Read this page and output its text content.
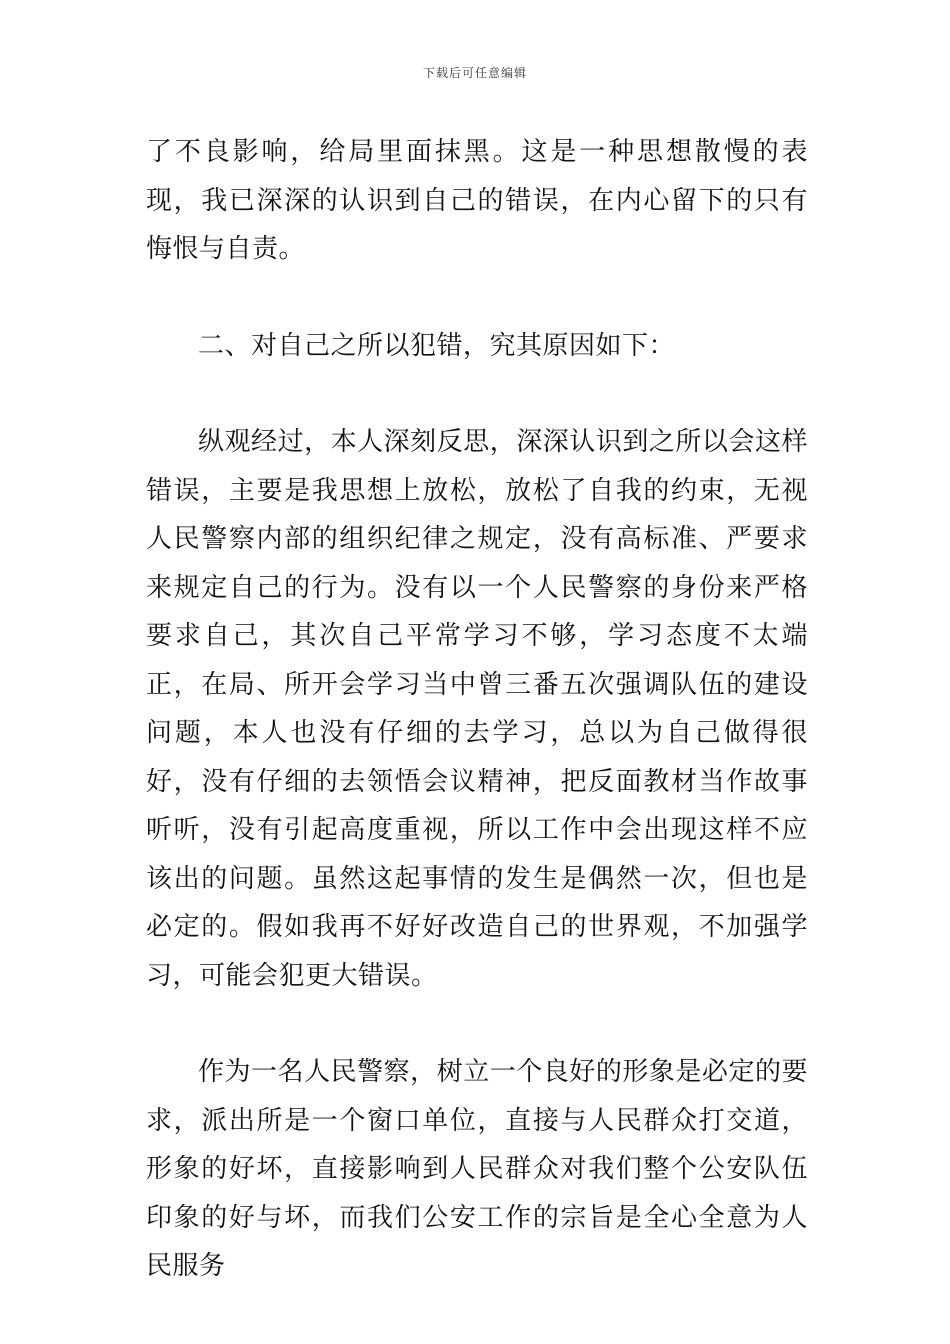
下载后可任意编辑

了不良影响，给局里面抹黑。这是一种思想散慢的表现，我已深深的认识到自己的错误，在内心留下的只有悔恨与自责。

二、对自己之所以犯错，究其原因如下：

纵观经过，本人深刻反思，深深认识到之所以会这样错误，主要是我思想上放松，放松了自我的约束，无视人民警察内部的组织纪律之规定，没有高标准、严要求来规定自己的行为。没有以一个人民警察的身份来严格要求自己，其次自己平常学习不够，学习态度不太端正，在局、所开会学习当中曾三番五次强调队伍的建设问题，本人也没有仔细的去学习，总以为自己做得很好，没有仔细的去领悟会议精神，把反面教材当作故事听听，没有引起高度重视，所以工作中会出现这样不应该出的问题。虽然这起事情的发生是偶然一次，但也是必定的。假如我再不好好改造自己的世界观，不加强学习，可能会犯更大错误。

作为一名人民警察，树立一个良好的形象是必定的要求，派出所是一个窗口单位，直接与人民群众打交道，形象的好坏，直接影响到人民群众对我们整个公安队伍印象的好与坏，而我们公安工作的宗旨是全心全意为人民服务
